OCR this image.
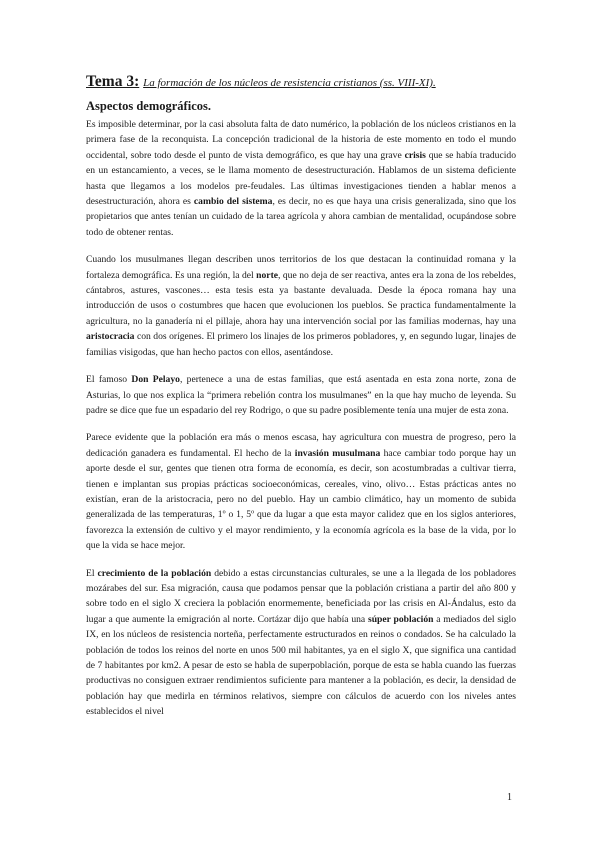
Tema 3: La formación de los núcleos de resistencia cristianos (ss. VIII-XI).
Aspectos demográficos.

Es imposible determinar, por la casi absoluta falta de dato numérico, la población de los núcleos cristianos en la primera fase de la reconquista. La concepción tradicional de la historia de este momento en todo el mundo occidental, sobre todo desde el punto de vista demográfico, es que hay una grave crisis que se había traducido en un estancamiento, a veces, se le llama momento de desestructuración. Hablamos de un sistema deficiente hasta que llegamos a los modelos pre-feudales. Las últimas investigaciones tienden a hablar menos a desestructuración, ahora es cambio del sistema, es decir, no es que haya una crisis generalizada, sino que los propietarios que antes tenían un cuidado de la tarea agrícola y ahora cambian de mentalidad, ocupándose sobre todo de obtener rentas.

Cuando los musulmanes llegan describen unos territorios de los que destacan la continuidad romana y la fortaleza demográfica. Es una región, la del norte, que no deja de ser reactiva, antes era la zona de los rebeldes, cántabros, astures, vascones… esta tesis esta ya bastante devaluada. Desde la época romana hay una introducción de usos o costumbres que hacen que evolucionen los pueblos. Se practica fundamentalmente la agricultura, no la ganadería ni el pillaje, ahora hay una intervención social por las familias modernas, hay una aristocracia con dos orígenes. El primero los linajes de los primeros pobladores, y, en segundo lugar, linajes de familias visigodas, que han hecho pactos con ellos, asentándose.

El famoso Don Pelayo, pertenece a una de estas familias, que está asentada en esta zona norte, zona de Asturias, lo que nos explica la “primera rebelión contra los musulmanes” en la que hay mucho de leyenda. Su padre se dice que fue un espadario del rey Rodrigo, o que su padre posiblemente tenía una mujer de esta zona.

Parece evidente que la población era más o menos escasa, hay agricultura con muestra de progreso, pero la dedicación ganadera es fundamental. El hecho de la invasión musulmana hace cambiar todo porque hay un aporte desde el sur, gentes que tienen otra forma de economía, es decir, son acostumbradas a cultivar tierra, tienen e implantan sus propias prácticas socioeconómicas, cereales, vino, olivo… Estas prácticas antes no existían, eran de la aristocracia, pero no del pueblo. Hay un cambio climático, hay un momento de subida generalizada de las temperaturas, 1º o 1, 5º que da lugar a que esta mayor calidez que en los siglos anteriores, favorezca la extensión de cultivo y el mayor rendimiento, y la economía agrícola es la base de la vida, por lo que la vida se hace mejor.

El crecimiento de la población debido a estas circunstancias culturales, se une a la llegada de los pobladores mozárabes del sur. Esa migración, causa que podamos pensar que la población cristiana a partir del año 800 y sobre todo en el siglo X creciera la población enormemente, beneficiada por las crisis en Al-Ándalus, esto da lugar a que aumente la emigración al norte. Cortázar dijo que había una súper población a mediados del siglo IX, en los núcleos de resistencia norteña, perfectamente estructurados en reinos o condados. Se ha calculado la población de todos los reinos del norte en unos 500 mil habitantes, ya en el siglo X, que significa una cantidad de 7 habitantes por km2. A pesar de esto se habla de superpoblación, porque de esta se habla cuando las fuerzas productivas no consiguen extraer rendimientos suficiente para mantener a la población, es decir, la densidad de población hay que medirla en términos relativos, siempre con cálculos de acuerdo con los niveles antes establecidos el nivel

1
